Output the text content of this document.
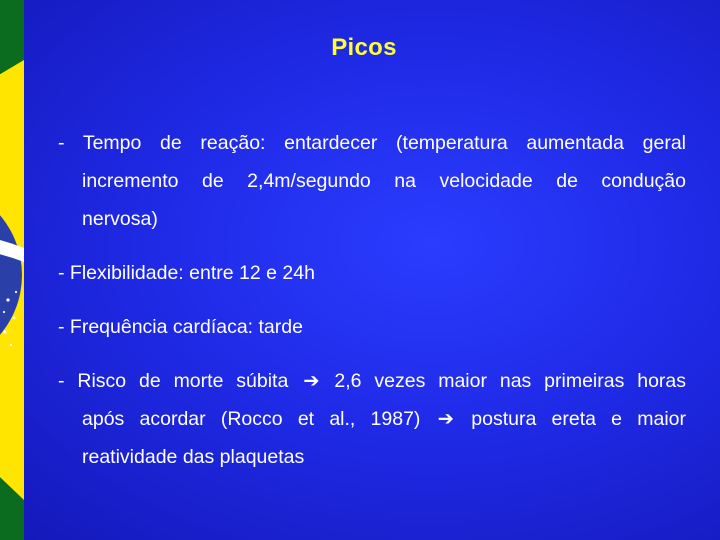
Picos

- Tempo de reação: entardecer (temperatura aumentada geral
incremento de 2,4m/segundo na velocidade de condução
nervosa)

- Flexibilidade: entre 12 e 24h

- Frequência cardíaca: tarde

- Risco de morte súbita ➔ 2,6 vezes maior nas primeiras horas
após acordar (Rocco et al., 1987) ➔ postura ereta e maior
reatividade das plaquetas
